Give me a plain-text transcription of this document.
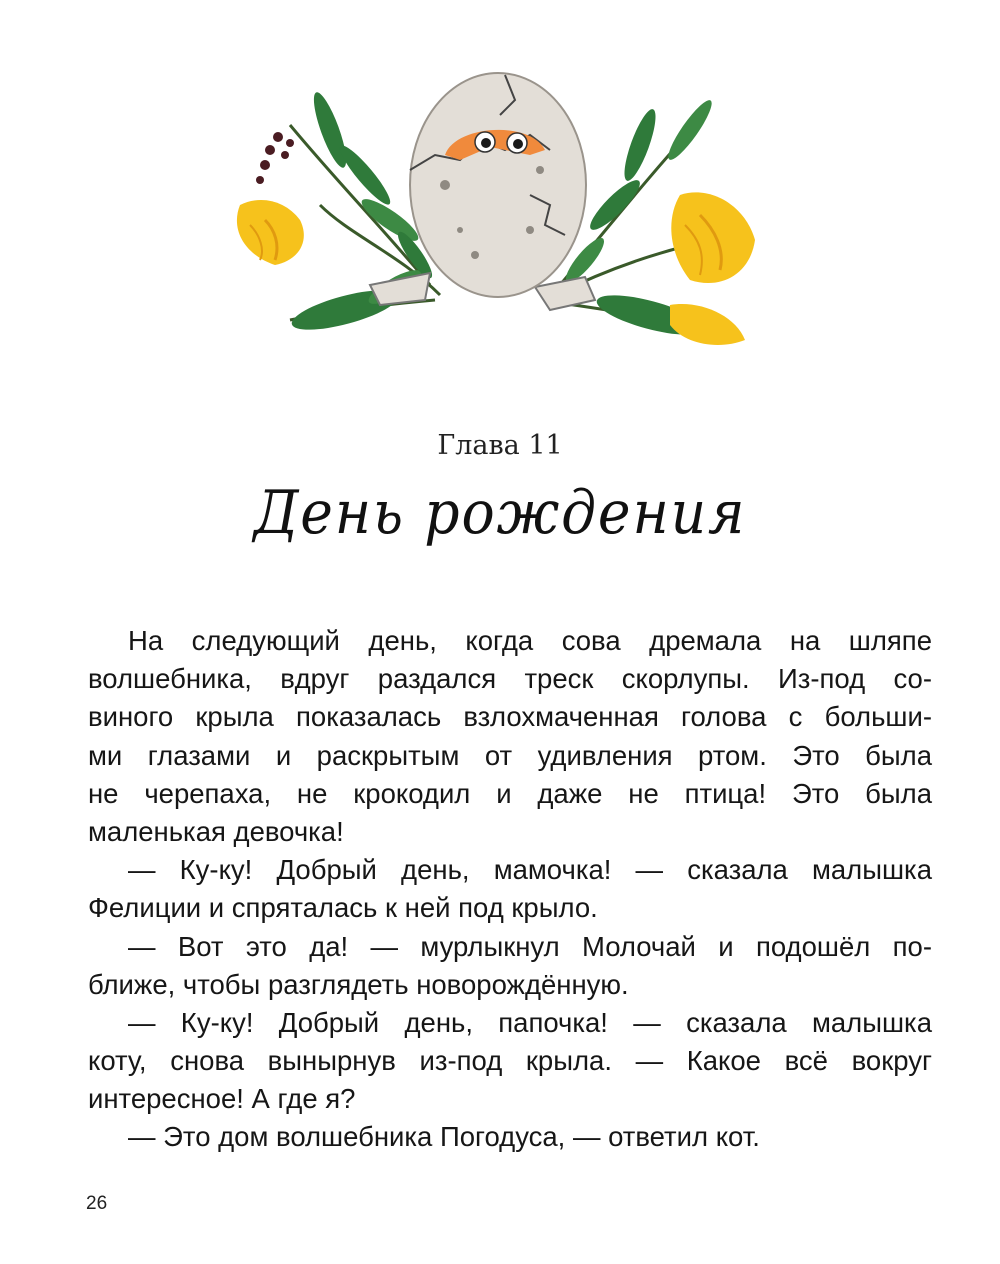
Глава 11
День рождения
На следующий день, когда сова дремала на шляпе
волшебника, вдруг раздался треск скорлупы. Из-под со-
виного крыла показалась взлохмаченная голова с больши-
ми глазами и раскрытым от удивления ртом. Это была
не черепаха, не крокодил и даже не птица! Это была
маленькая девочка!
— Ку-ку! Добрый день, мамочка! — сказала малышка
Фелиции и спряталась к ней под крыло.
— Вот это да! — мурлыкнул Молочай и подошёл по-
ближе, чтобы разглядеть новорождённую.
— Ку-ку! Добрый день, папочка! — сказала малышка
коту, снова вынырнув из-под крыла. — Какое всё вокруг
интересное! А где я?
— Это дом волшебника Погодуса, — ответил кот.
26
